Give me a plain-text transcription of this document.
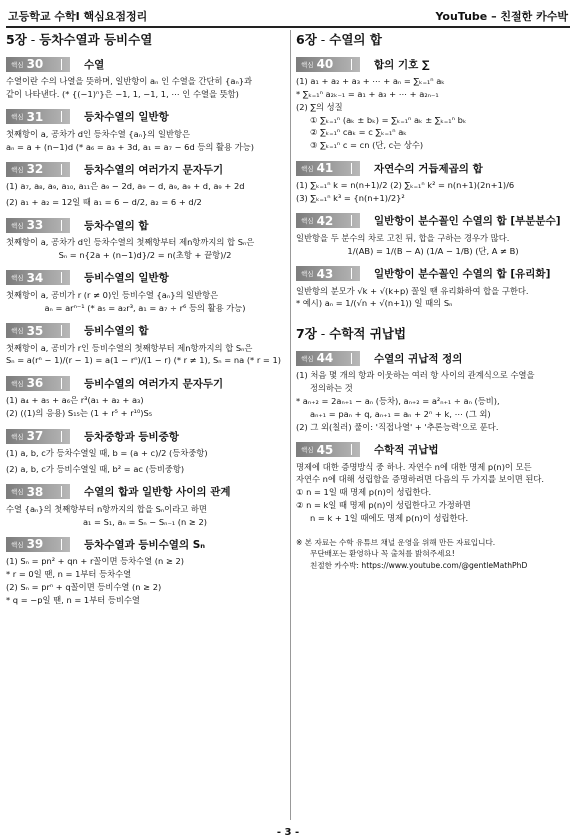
고등학교 수학Ⅰ 핵심요점정리	YouTube – 친절한 카수박
5장 - 등차수열과 등비수열
핵심 30	수열

수열이란 수의 나열을 뜻하며, 일반항이 aₙ 인 수열을 간단히 {aₙ}과

같이 나타낸다. (* {(−1)ⁿ}은 −1, 1, −1, 1, ⋯ 인 수열을 뜻함)

핵심 31	등차수열의 일반항

첫째항이 a, 공차가 d인 등차수열 {aₙ}의 일반항은

aₙ = a + (n−1)d (* a₆ = a₃ + 3d, a₁ = a₇ − 6d 등의 활용 가능)

핵심 32	등차수열의 여러가지 문자두기

(1) a₇, a₈, a₉, a₁₀, a₁₁은 a₉ − 2d, a₉ − d, a₉, a₉ + d, a₉ + 2d

(2) a₁ + a₂ = 12일 때 a₁ = 6 − d/2, a₂ = 6 + d/2

핵심 33	등차수열의 합

첫째항이 a, 공차가 d인 등차수열의 첫째항부터 제n항까지의 합 Sₙ은

Sₙ = n{2a + (n−1)d}/2 = n(초항 + 끝항)/2

핵심 34	등비수열의 일반항

첫째항이 a, 공비가 r (r ≠ 0)인 등비수열 {aₙ}의 일반항은

aₙ = arⁿ⁻¹ (* a₅ = a₂r³, a₁ = a₇ ÷ r⁶ 등의 활용 가능)

핵심 35	등비수열의 합

첫째항이 a, 공비가 r인 등비수열의 첫째항부터 제n항까지의 합 Sₙ은

Sₙ = a(rⁿ − 1)/(r − 1) = a(1 − rⁿ)/(1 − r) (* r ≠ 1), Sₙ = na (* r = 1)

핵심 36	등비수열의 여러가지 문자두기

(1) a₄ + a₅ + a₆은 r³(a₁ + a₂ + a₃)

(2) ((1)의 응용) S₁₅는 (1 + r⁵ + r¹⁰)S₅

핵심 37	등차중항과 등비중항

(1) a, b, c가 등차수열일 때, b = (a + c)/2 (등차중항)

(2) a, b, c가 등비수열일 때, b² = ac (등비중항)

핵심 38	수열의 합과 일반항 사이의 관계

수열 {aₙ}의 첫째항부터 n항까지의 합을 Sₙ이라고 하면

a₁ = S₁, aₙ = Sₙ − Sₙ₋₁ (n ≥ 2)

핵심 39	등차수열과 등비수열의 Sₙ

(1) Sₙ = pn² + qn + r꼴이면 등차수열 (n ≥ 2)

* r = 0일 땐, n = 1부터 등차수열

(2) Sₙ = prⁿ + q꼴이면 등비수열 (n ≥ 2)

* q = −p일 땐, n = 1부터 등비수열

6장 - 수열의 합
핵심 40	합의 기호 ∑

(1) a₁ + a₂ + a₃ + ⋯ + aₙ = ∑ₖ₌₁ⁿ aₖ

* ∑ₖ₌₁ⁿ a₂ₖ₋₁ = a₁ + a₃ + ⋯ + a₂ₙ₋₁

(2) ∑의 성질

① ∑ₖ₌₁ⁿ (aₖ ± bₖ) = ∑ₖ₌₁ⁿ aₖ ± ∑ₖ₌₁ⁿ bₖ

② ∑ₖ₌₁ⁿ caₖ = c ∑ₖ₌₁ⁿ aₖ

③ ∑ₖ₌₁ⁿ c = cn (단, c는 상수)

핵심 41	자연수의 거듭제곱의 합

(1) ∑ₖ₌₁ⁿ k = n(n+1)/2 (2) ∑ₖ₌₁ⁿ k² = n(n+1)(2n+1)/6

(3) ∑ₖ₌₁ⁿ k³ = {n(n+1)/2}²

핵심 42	일반항이 분수꼴인 수열의 합 [부분분수]

일반항을 두 분수의 차로 고친 뒤, 합을 구하는 경우가 많다.

1/(AB) = 1/(B − A) (1/A − 1/B) (단, A ≠ B)

핵심 43	일반항이 분수꼴인 수열의 합 [유리화]

일반항의 분모가 √k + √(k+p) 꼴일 땐 유리화하여 합을 구한다.

* 예시) aₙ = 1/(√n + √(n+1)) 일 때의 Sₙ

7장 - 수학적 귀납법
핵심 44	수열의 귀납적 정의

(1) 처음 몇 개의 항과 이웃하는 여러 항 사이의 관계식으로 수열을

정의하는 것

* aₙ₊₂ = 2aₙ₊₁ − aₙ (등차), aₙ₊₂ = a²ₙ₊₁ ÷ aₙ (등비),

aₙ₊₁ = paₙ + q, aₙ₊₁ = aₙ + 2ⁿ + k, ⋯ (그 외)

(2) 그 외(칠러) 풀이: '직접나열' + '추론능력'으로 푼다.

핵심 45	수학적 귀납법

명제에 대한 증명방식 중 하나. 자연수 n에 대한 명제 p(n)이 모든

자연수 n에 대해 성립함을 증명하려면 다음의 두 가지를 보이면 된다.

① n = 1일 때 명제 p(n)이 성립한다.

② n = k일 때 명제 p(n)이 성립한다고 가정하면

n = k + 1일 때에도 명제 p(n)이 성립한다.

※ 본 자료는 수학 유튜브 채널 운영을 위해 만든 자료입니다.
무단배포는 환영하나 꼭 출처를 밝혀주세요!
친절한 카수박: https://www.youtube.com/@gentleMathPhD
- 3 -
